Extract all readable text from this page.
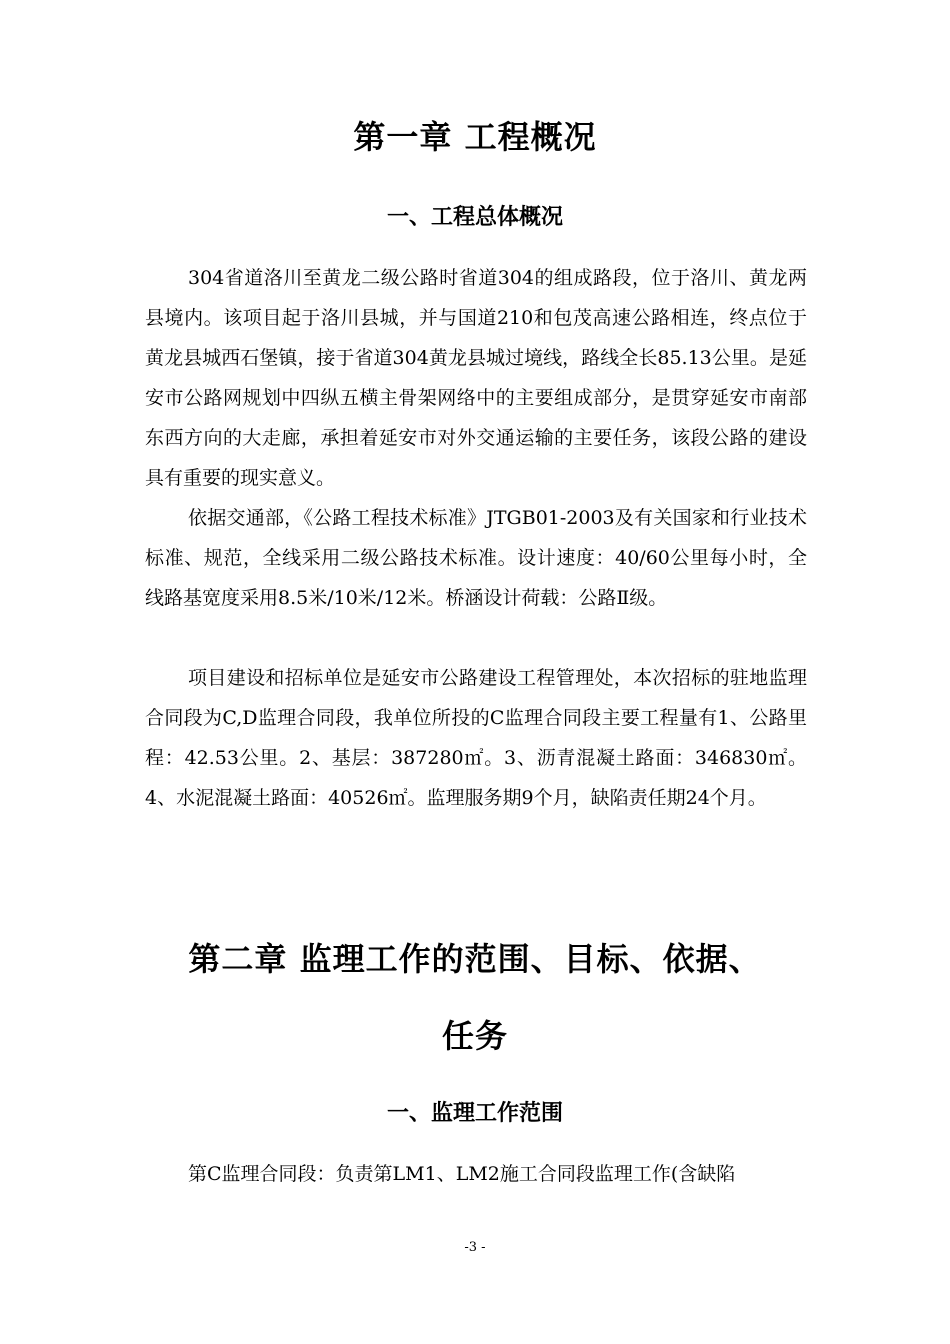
第一章 工程概况
一、工程总体概况

304省道洛川至黄龙二级公路时省道304的组成路段，位于洛川、黄龙两县境内。该项目起于洛川县城，并与国道210和包茂高速公路相连，终点位于黄龙县城西石堡镇，接于省道304黄龙县城过境线，路线全长85.13公里。是延安市公路网规划中四纵五横主骨架网络中的主要组成部分，是贯穿延安市南部东西方向的大走廊，承担着延安市对外交通运输的主要任务，该段公路的建设具有重要的现实意义。

依据交通部，《公路工程技术标准》JTGB01-2003及有关国家和行业技术标准、规范，全线采用二级公路技术标准。设计速度：40/60公里每小时，全线路基宽度采用8.5米/10米/12米。桥涵设计荷载：公路Ⅱ级。

项目建设和招标单位是延安市公路建设工程管理处，本次招标的驻地监理合同段为C,D监理合同段，我单位所投的C监理合同段主要工程量有1、公路里程：42.53公里。2、基层：387280㎡。3、沥青混凝土路面：346830㎡。4、水泥混凝土路面：40526㎡。监理服务期9个月，缺陷责任期24个月。

第二章 监理工作的范围、目标、依据、
任务
一、监理工作范围

第C监理合同段：负责第LM1、LM2施工合同段监理工作(含缺陷

-3 -
